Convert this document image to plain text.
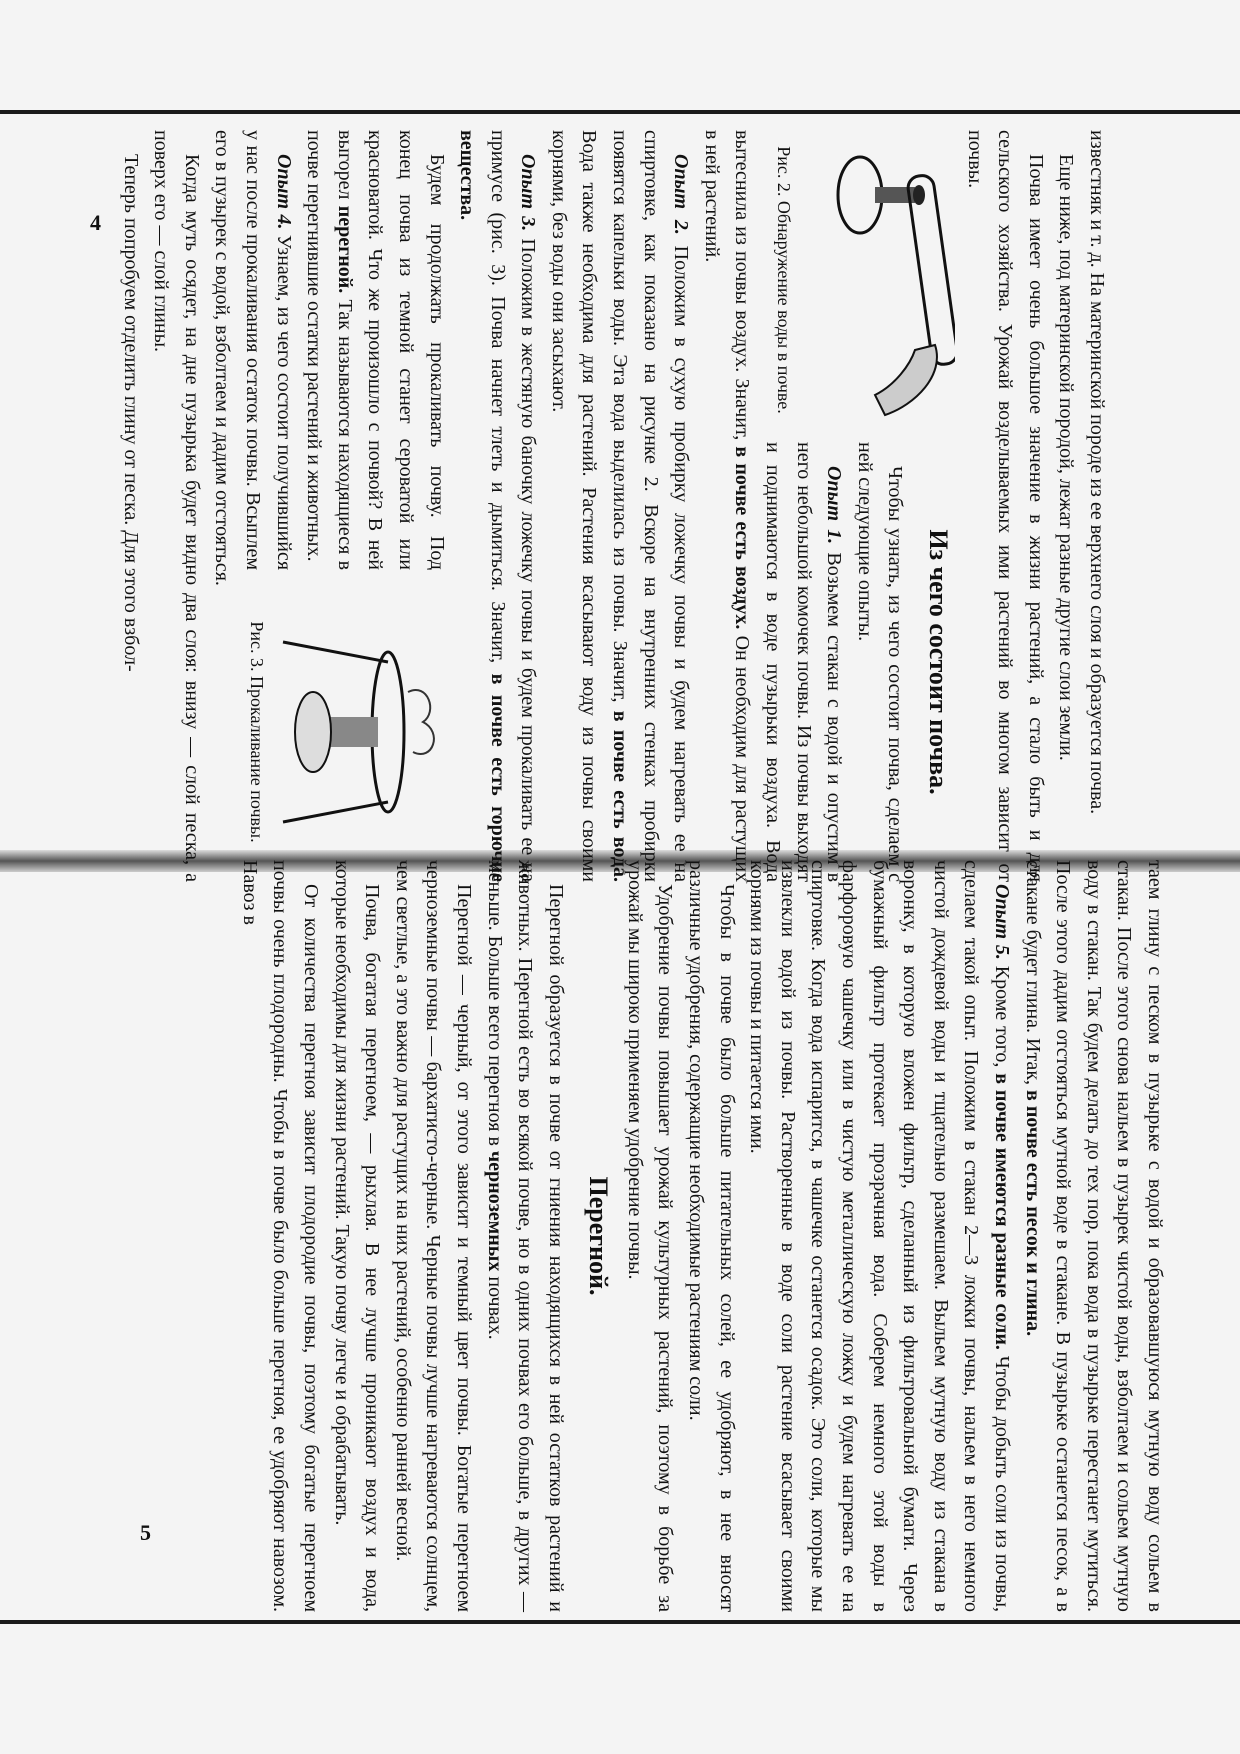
известняк и т. д. На материнской породе из ее верхнего слоя и образуется почва.

Еще ниже, под материнской породой, лежат разные другие слои земли.

Почва имеет очень большое значение в жизни растений, а стало быть и для сельского хозяйства. Урожай возделываемых ими растений во многом зависит от почвы.

Рис. 2. Обнаружение воды в почве.

Из чего состоит почва.

Чтобы узнать, из чего состоит почва, сделаем с ней следующие опыты.

Опыт 1. Возьмем стакан с водой и опустим в него небольшой комочек почвы. Из почвы выходят и поднимаются в воде пузырьки воздуха. Вода вытеснила из почвы воздух. Значит, в почве есть воздух. Он необходим для растущих в ней растений.

Опыт 2. Положим в сухую пробирку ложечку почвы и будем нагревать ее на спиртовке, как показано на рисунке 2. Вскоре на внутренних стенках пробирки появятся капельки воды. Эта вода выделилась из почвы. Значит, в почве есть вода. Вода также необходима для растений. Растения всасывают воду из почвы своими корнями, без воды они засыхают.

Опыт 3. Положим в жестяную баночку ложечку почвы и будем прокаливать ее на примусе (рис. 3). Почва начнет тлеть и дымиться. Значит, в почве есть горючие вещества.

Рис. 3. Прокаливание почвы.

Будем продолжать прокаливать почву. Под конец почва из темной станет сероватой или красноватой. Что же произошло с почвой? В ней выгорел перегной. Так называются находящиеся в почве перегнившие остатки растений и животных.

Опыт 4. Узнаем, из чего состоит получившийся у нас после прокаливания остаток почвы. Всыплем его в пузырек с водой, взболтаем и дадим отстояться.

Когда муть осядет, на дне пузырька будет видно два слоя: внизу — слой песка, а поверх его — слой глины.

Теперь попробуем отделить глину от песка. Для этого взбол-

4

таем глину с песком в пузырьке с водой и образовавшуюся мутную воду сольем в стакан. После этого снова нальем в пузырек чистой воды, взболтаем и сольем мутную воду в стакан. Так будем делать до тех пор, пока вода в пузырьке перестанет мутиться. После этого дадим отстояться мутной воде в стакане. В пузырьке останется песок, а в стакане будет глина. Итак, в почве есть песок и глина.

Опыт 5. Кроме того, в почве имеются разные соли. Чтобы добыть соли из почвы, сделаем такой опыт. Положим в стакан 2—3 ложки почвы, нальем в него немного чистой дождевой воды и тщательно размешаем. Выльем мутную воду из стакана в воронку, в которую вложен фильтр, сделанный из фильтровальной бумаги. Через бумажный фильтр протекает прозрачная вода. Соберем немного этой воды в фарфоровую чашечку или в чистую металлическую ложку и будем нагревать ее на спиртовке. Когда вода испарится, в чашечке останется осадок. Это соли, которые мы извлекли водой из почвы. Растворенные в воде соли растение всасывает своими корнями из почвы и питается ими.

Чтобы в почве было больше питательных солей, ее удобряют, в нее вносят различные удобрения, содержащие необходимые растениям соли.

Удобрение почвы повышает урожай культурных растений, поэтому в борьбе за урожай мы широко применяем удобрение почвы.

Перегной.

Перегной образуется в почве от гниения находящихся в ней остатков растений и животных. Перегной есть во всякой почве, но в одних почвах его больше, в других — меньше. Больше всего перегноя в черноземных почвах.

Перегной — черный, от этого зависит и темный цвет почвы. Богатые перегноем черноземные почвы — бархатисто-черные. Черные почвы лучше нагреваются солнцем, чем светлые, а это важно для растущих на них растений, особенно ранней весной.

Почва, богатая перегноем, — рыхлая. В нее лучше проникают воздух и вода, которые необходимы для жизни растений. Такую почву легче и обрабатывать.

От количества перегноя зависит плодородие почвы, поэтому богатые перегноем почвы очень плодородны. Чтобы в почве было больше перегноя, ее удобряют навозом. Навоз в

5
